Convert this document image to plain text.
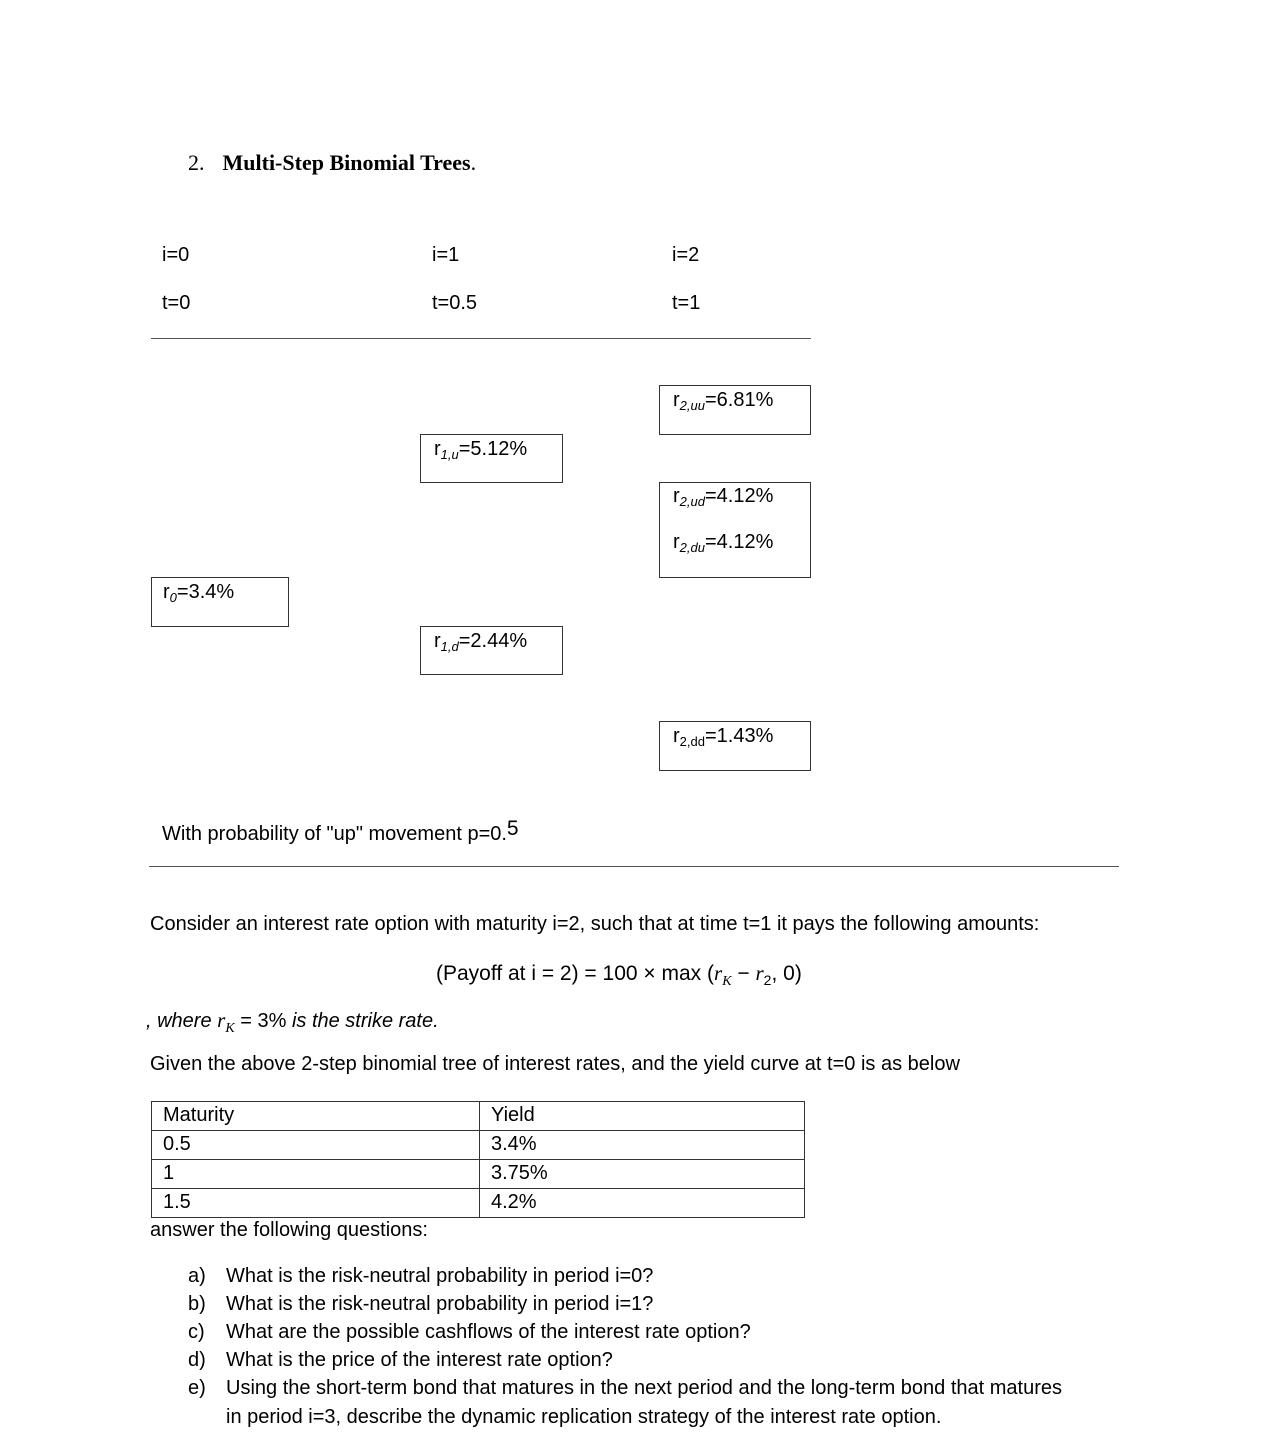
2. Multi-Step Binomial Trees.
i=0	i=1	i=2
t=0	t=0.5	t=1
$r_{2,uu}=6.81\%$
$r_{1,u}=5.12\%$
$r_{2,ud}=4.12\%$
$r_{2,du}=4.12\%$
$r_0=3.4\%$
$r_{1,d}=2.44\%$
$r_{2,dd}=1.43\%$
With probability of "up" movement p=0.5
Consider an interest rate option with maturity i=2, such that at time t=1 it pays the following amounts:
(Payoff at $i = 2) = 100 \times \max (r_K - r_2$, 0)
, where $r_K = 3\%$ is the strike rate.
Given the above 2-step binomial tree of interest rates, and the yield curve at t=0 is as below
Maturity	Yield
0.5	3.4%
1	3.75%
1.5	4.2%
answer the following questions:
a) What is the risk-neutral probability in period i=0?
b) What is the risk-neutral probability in period i=1?
c) What are the possible cashflows of the interest rate option?
d) What is the price of the interest rate option?
e) Using the short-term bond that matures in the next period and the long-term bond that matures
in period i=3, describe the dynamic replication strategy of the interest rate option.
